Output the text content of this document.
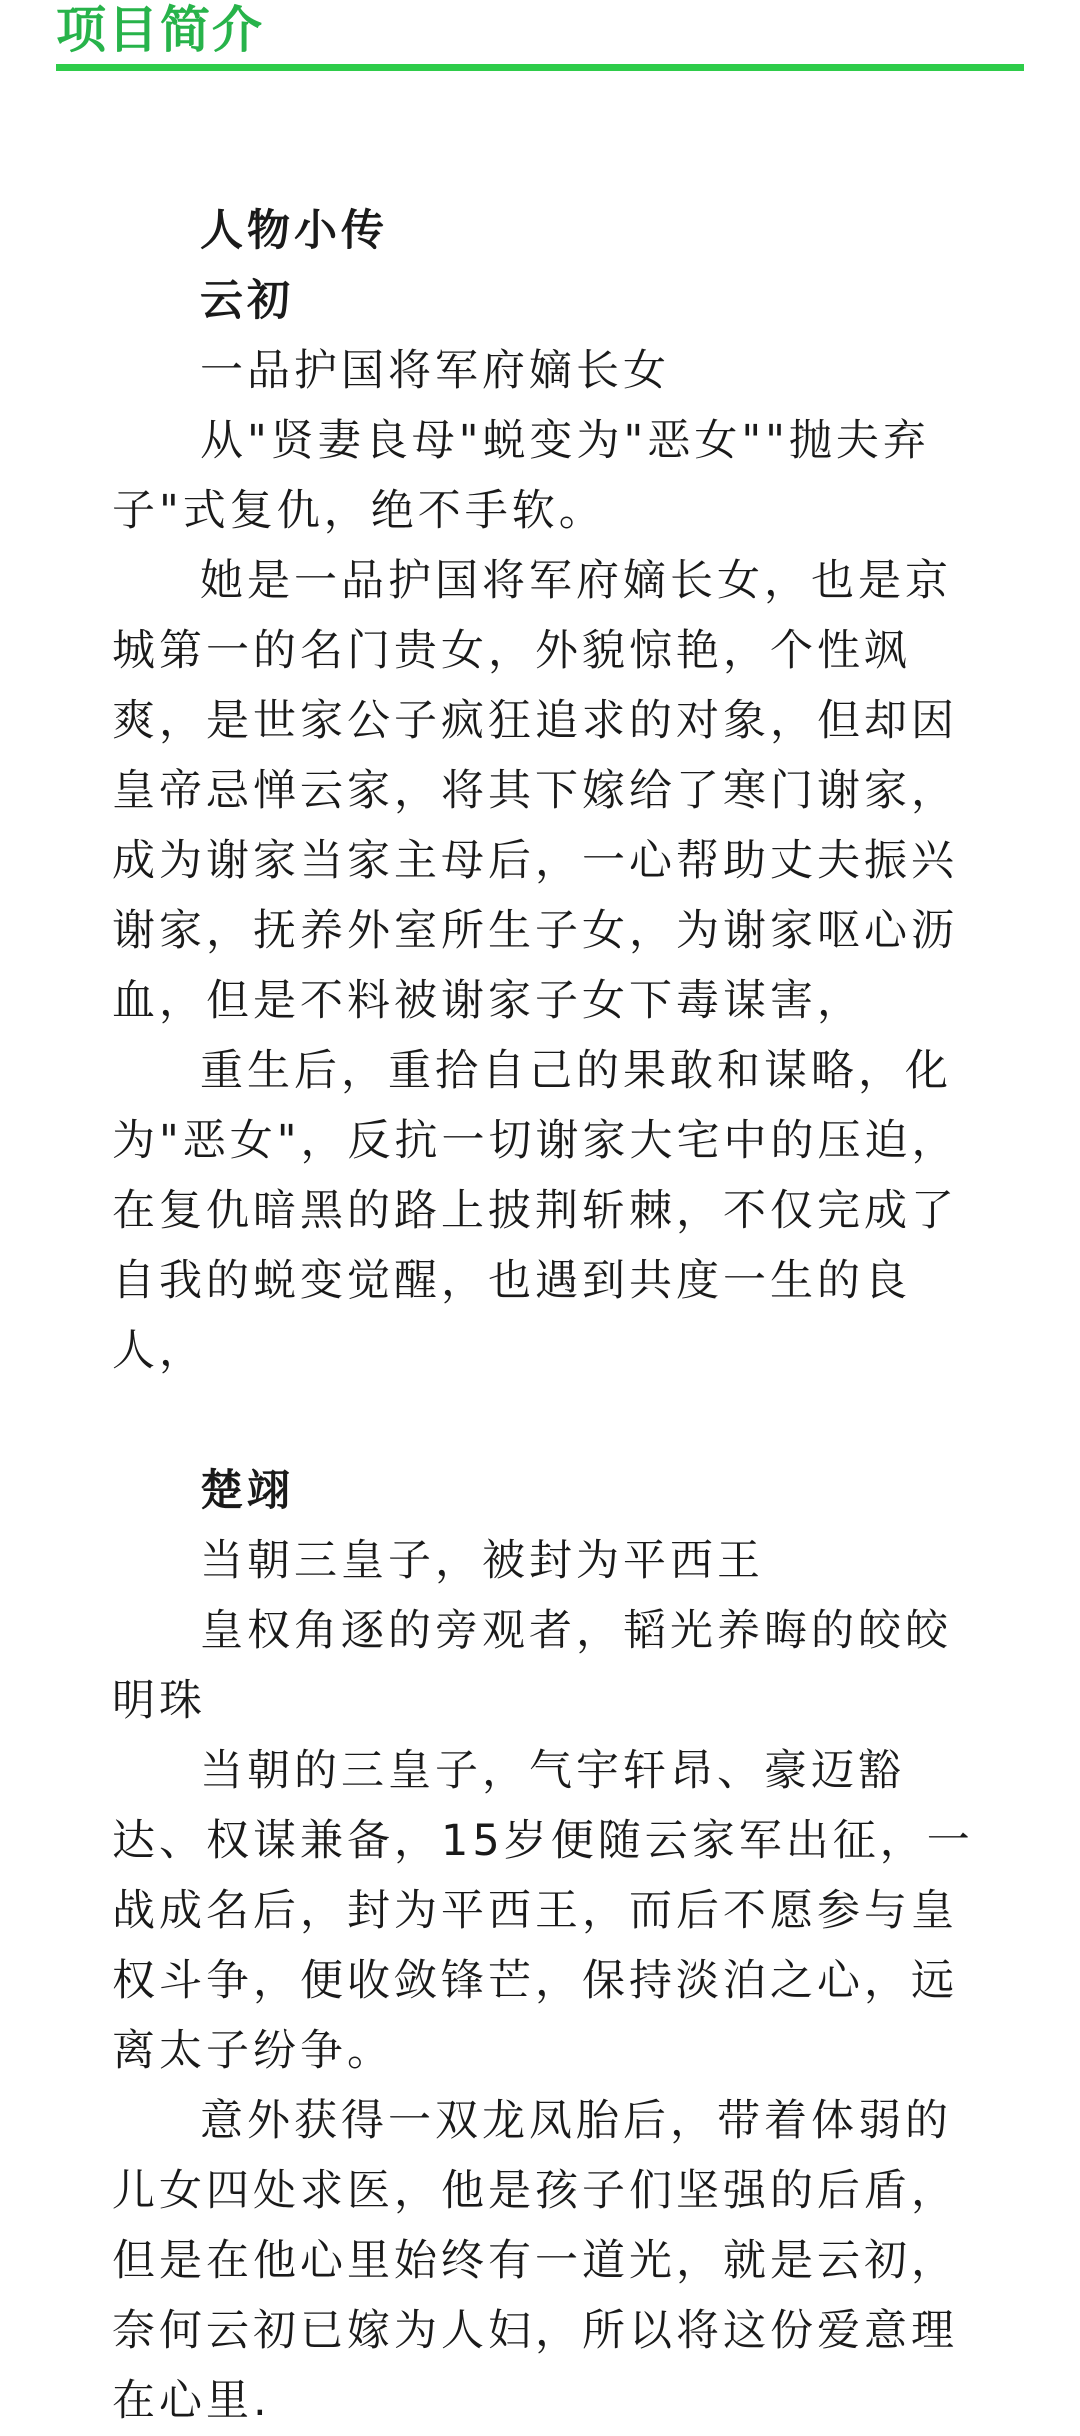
项目简介

人物小传

云初

一品护国将军府嫡长女

从"贤妻良母"蜕变为"恶女""抛夫弃子"式复仇，绝不手软。

她是一品护国将军府嫡长女，也是京城第一的名门贵女，外貌惊艳，个性飒爽，是世家公子疯狂追求的对象，但却因皇帝忌惮云家，将其下嫁给了寒门谢家，成为谢家当家主母后，一心帮助丈夫振兴谢家，抚养外室所生子女，为谢家呕心沥血，但是不料被谢家子女下毒谋害，

重生后，重拾自己的果敢和谋略，化为"恶女"，反抗一切谢家大宅中的压迫，在复仇暗黑的路上披荆斩棘，不仅完成了自我的蜕变觉醒，也遇到共度一生的良人，

楚翊

当朝三皇子，被封为平西王

皇权角逐的旁观者，韬光养晦的皎皎明珠

当朝的三皇子，气宇轩昂、豪迈豁达、权谋兼备，15岁便随云家军出征，一战成名后，封为平西王，而后不愿参与皇权斗争，便收敛锋芒，保持淡泊之心，远离太子纷争。

意外获得一双龙凤胎后，带着体弱的儿女四处求医，他是孩子们坚强的后盾，但是在他心里始终有一道光，就是云初，奈何云初已嫁为人妇，所以将这份爱意理在心里.
